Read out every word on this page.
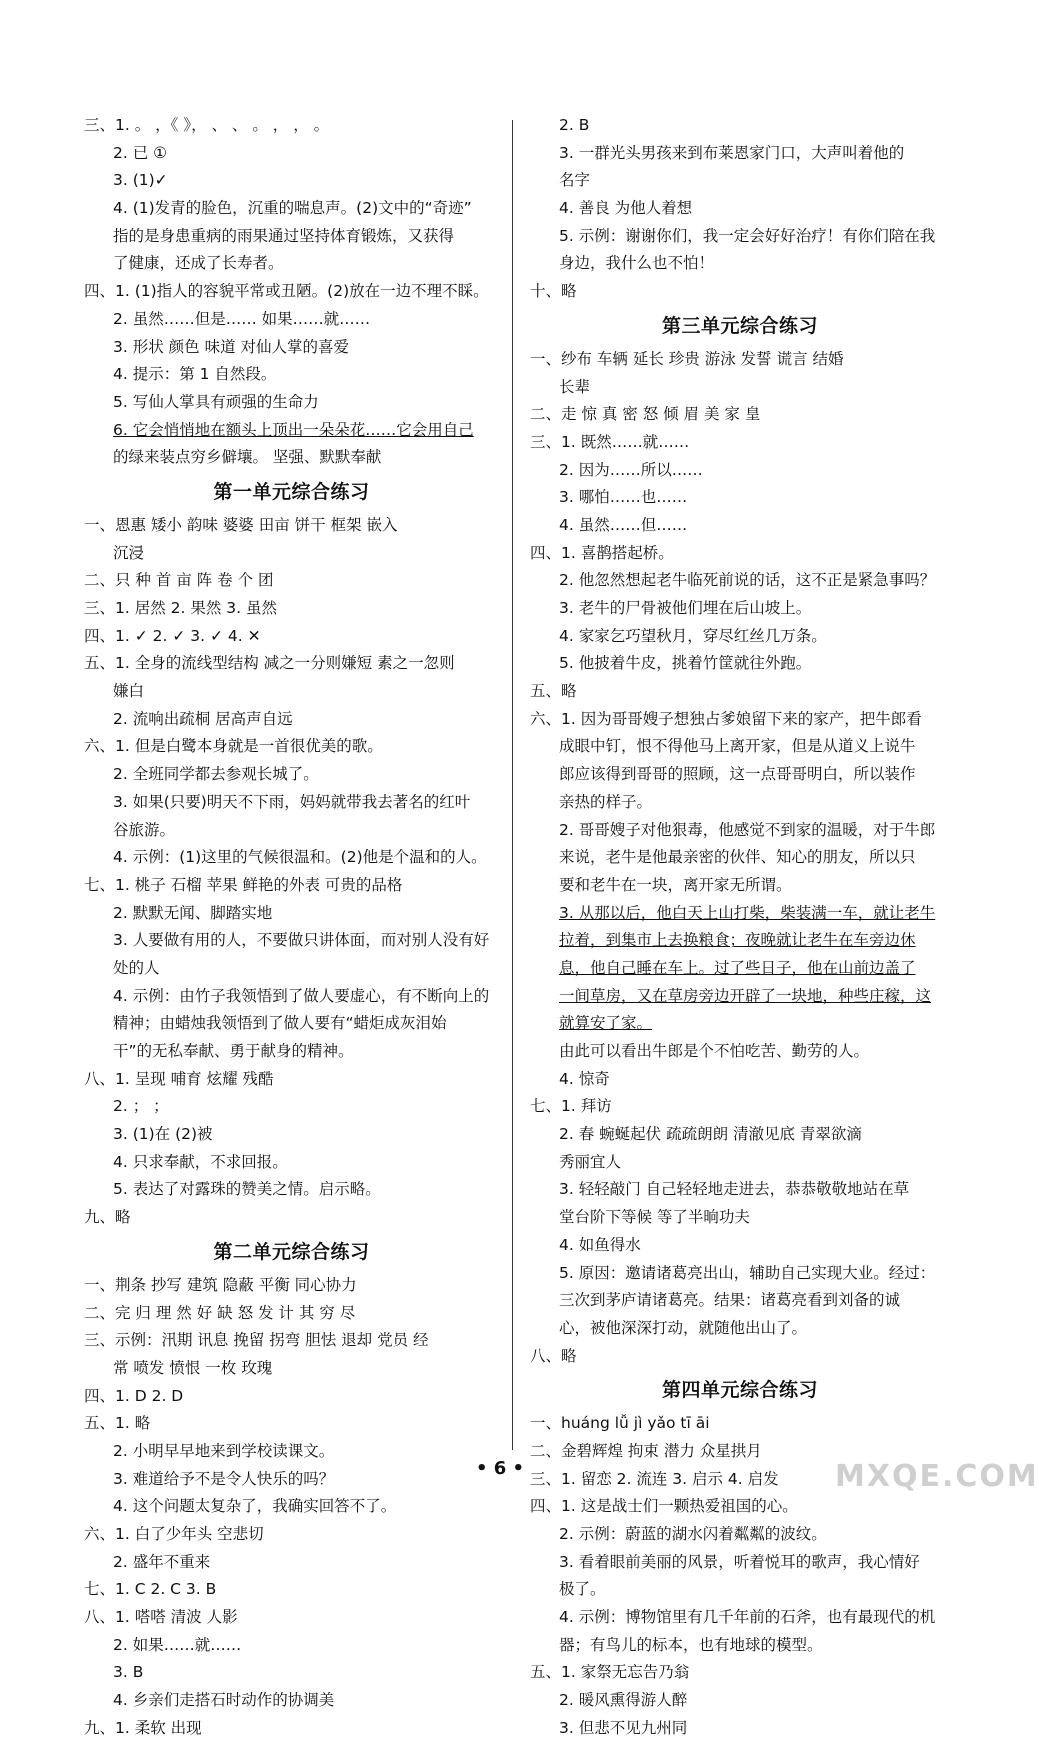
三、1. 。 ，《 》， 、 、 。 ， ， 。
2. 已 ①
3. (1)✓
4. (1)发青的脸色，沉重的喘息声。(2)文中的“奇迹”
指的是身患重病的雨果通过坚持体育锻炼，又获得
了健康，还成了长寿者。
四、1. (1)指人的容貌平常或丑陋。(2)放在一边不理不睬。
2. 虽然……但是…… 如果……就……
3. 形状 颜色 味道 对仙人掌的喜爱
4. 提示：第 1 自然段。
5. 写仙人掌具有顽强的生命力
6. 它会悄悄地在额头上顶出一朵朵花……它会用自己
的绿来装点穷乡僻壤。 坚强、默默奉献
第一单元综合练习
一、恩惠 矮小 韵味 婆婆 田亩 饼干 框架 嵌入
沉浸
二、只 种 首 亩 阵 卷 个 团
三、1. 居然 2. 果然 3. 虽然
四、1. ✓ 2. ✓ 3. ✓ 4. ✕
五、1. 全身的流线型结构 减之一分则嫌短 素之一忽则
嫌白
2. 流响出疏桐 居高声自远
六、1. 但是白鹭本身就是一首很优美的歌。
2. 全班同学都去参观长城了。
3. 如果(只要)明天不下雨，妈妈就带我去著名的红叶
谷旅游。
4. 示例：(1)这里的气候很温和。(2)他是个温和的人。
七、1. 桃子 石榴 苹果 鲜艳的外表 可贵的品格
2. 默默无闻、脚踏实地
3. 人要做有用的人，不要做只讲体面，而对别人没有好
处的人
4. 示例：由竹子我领悟到了做人要虚心，有不断向上的
精神；由蜡烛我领悟到了做人要有“蜡炬成灰泪始
干”的无私奉献、勇于献身的精神。
八、1. 呈现 哺育 炫耀 残酷
2. ； ；
3. (1)在 (2)被
4. 只求奉献，不求回报。
5. 表达了对露珠的赞美之情。启示略。
九、略
第二单元综合练习
一、荆条 抄写 建筑 隐蔽 平衡 同心协力
二、完 归 理 然 好 缺 怒 发 计 其 穷 尽
三、示例：汛期 讯息 挽留 拐弯 胆怯 退却 党员 经
常 喷发 愤恨 一枚 玫瑰
四、1. D 2. D
五、1. 略
2. 小明早早地来到学校读课文。
3. 难道给予不是令人快乐的吗？
4. 这个问题太复杂了，我确实回答不了。
六、1. 白了少年头 空悲切
2. 盛年不重来
七、1. C 2. C 3. B
八、1. 嗒嗒 清波 人影
2. 如果……就……
3. B
4. 乡亲们走搭石时动作的协调美
九、1. 柔软 出现
2. B
3. 一群光头男孩来到布莱恩家门口，大声叫着他的
名字
4. 善良 为他人着想
5. 示例：谢谢你们，我一定会好好治疗！有你们陪在我
身边，我什么也不怕！
十、略
第三单元综合练习
一、纱布 车辆 延长 珍贵 游泳 发誓 谎言 结婚
长辈
二、走 惊 真 密 怒 倾 眉 美 家 皇
三、1. 既然……就……
2. 因为……所以……
3. 哪怕……也……
4. 虽然……但……
四、1. 喜鹊搭起桥。
2. 他忽然想起老牛临死前说的话，这不正是紧急事吗？
3. 老牛的尸骨被他们埋在后山坡上。
4. 家家乞巧望秋月，穿尽红丝几万条。
5. 他披着牛皮，挑着竹筐就往外跑。
五、略
六、1. 因为哥哥嫂子想独占爹娘留下来的家产，把牛郎看
成眼中钉，恨不得他马上离开家，但是从道义上说牛
郎应该得到哥哥的照顾，这一点哥哥明白，所以装作
亲热的样子。
2. 哥哥嫂子对他狠毒，他感觉不到家的温暖，对于牛郎
来说，老牛是他最亲密的伙伴、知心的朋友，所以只
要和老牛在一块，离开家无所谓。
3. 从那以后，他白天上山打柴，柴装满一车，就让老牛
拉着，到集市上去换粮食；夜晚就让老牛在车旁边休
息，他自己睡在车上。过了些日子，他在山前边盖了
一间草房，又在草房旁边开辟了一块地，种些庄稼，这
就算安了家。
由此可以看出牛郎是个不怕吃苦、勤劳的人。
4. 惊奇
七、1. 拜访
2. 春 蜿蜒起伏 疏疏朗朗 清澈见底 青翠欲滴
秀丽宜人
3. 轻轻敲门 自己轻轻地走进去，恭恭敬敬地站在草
堂台阶下等候 等了半晌功夫
4. 如鱼得水
5. 原因：邀请诸葛亮出山，辅助自己实现大业。经过：
三次到茅庐请诸葛亮。结果：诸葛亮看到刘备的诚
心，被他深深打动，就随他出山了。
八、略
第四单元综合练习
一、huáng lǚ jì yǎo tī āi
二、金碧辉煌 拘束 潜力 众星拱月
三、1. 留恋 2. 流连 3. 启示 4. 启发
四、1. 这是战士们一颗热爱祖国的心。
2. 示例：蔚蓝的湖水闪着粼粼的波纹。
3. 看着眼前美丽的风景，听着悦耳的歌声，我心情好
极了。
4. 示例：博物馆里有几千年前的石斧，也有最现代的机
器；有鸟儿的标本，也有地球的模型。
五、1. 家祭无忘告乃翁
2. 暖风熏得游人醉
3. 但悲不见九州同
• 6 •	MXQE.COM
